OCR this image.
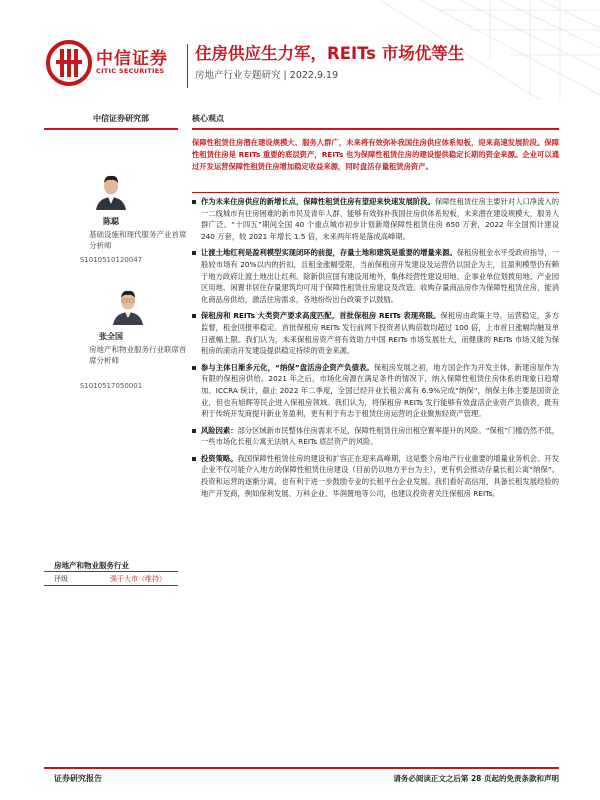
中信证券
CITIC SECURITIES
住房供应生力军，REITs 市场优等生
房地产行业专题研究 | 2022.9.19
中信证券研究部
陈聪
基础设施和现代服务产业首席分析师
S1010510120047
张全国
房地产和物业服务行业联席首席分析师
S1010517050001
房地产和物业服务行业
评级	强于大市（维持）
核心观点
保障性租赁住房潜在建设规模大、服务人群广，未来将有效弥补我国住房供应体系短板，迎来高速发展阶段。保障性租赁住房是 REITs 重要的底层资产，REITs 也为保障性租赁住房的建设提供稳定长期的资金来源。企业可以通过开发运营保障性租赁住房增加稳定收益来源，同时盘活存量租赁房资产。
作为未来住房供应的新增长点，保障性租赁住房有望迎来快速发展阶段。保障性租赁住房主要针对人口净流入的一二线城市有住房困难的新市民及青年人群，能够有效弥补我国住房供体系短板，未来潜在建设规模大，服务人群广泛。“十四五”期间全国 40 个重点城市初步计划新增保障性租赁住房 650 万套，2022 年全国预计建设 240 万套，较 2021 年增长 1.5 倍，未来两年将是落成高峰期。
让渡土地红利是盈利模型实现闭环的前提，存量土地和建筑是重要的增量来源。保租房租金水平受政府指导，一般较市场有 20%以内的折扣，且租金涨幅受限，当前保租房开发建设及运营仍以国企为主，且盈利模型仍有赖于地方政府让渡土地出让红利。除新供应国有建设用地外，集体经营性建设用地、企事业单位划拨用地、产业园区用地、闲置非居住存量建筑均可用于保障性租赁住房建设及改造。收购存量商品房作为保障性租赁住房，能消化商品房供给，激活住房需求，各地纷纷出台政策予以鼓励。
保租房和 REITs 大类资产要求高度匹配，首批保租房 REITs 表现亮眼。保租房由政策主导，运营稳定，多方监督，租金回报率稳定。首批保租房 REITs 发行前网下投资者认购倍数均超过 100 倍，上市首日涨幅均触及单日涨幅上限。我们认为，未来保租房资产将有效助力中国 REITs 市场发展壮大，而健康的 REITs 市场又能为保租房的滚动开发建设提供稳定持续的资金来源。
参与主体日渐多元化，“纳保”盘活房企资产负债表。保租房发展之初，地方国企作为开发主体，新建房屋作为有限的保租房供给。2021 年之后，市场化房源在满足条件的情况下，纳入保障性租赁住房体系的现象日趋增加。ICCRA 统计，截止 2022 年二季度，全国已经开业长租公寓有 6.9%完成“纳保”，纳保主体主要是国资企业，但也有旭辉等民企进入保租房领域。我们认为，将保租房 REITs 发行能够有效盘活企业资产负债表，既有利于传统开发商提升新业务盈利，更有利于有志于租赁住房运营的企业聚焦轻资产管理。
风险因素：部分区域新市民整体住房需求不足，保障性租赁住房出租空置率提升的风险。“保租”门槛仍然不低，一些市场化长租公寓无法纳入 REITs 底层资产的风险。
投资策略。我国保障性租赁住房的建设和扩容正在迎来高峰期，这是整个房地产行业重要的增量业务机会。开发企业不仅可能介入地方的保障性租赁住房建设（目前仍以地方平台为主），更有机会推动存量长租公寓“纳保”。投资和运营的逐渐分离，也有利于进一步鼓励专业的长租平台企业发展。我们看好高信用，具备长租发展经验的地产开发商，例如保利发展、万科企业、华润置地等公司，也建议投资者关注保租房 REITs。
证券研究报告	请务必阅读正文之后第 28 页起的免责条款和声明
